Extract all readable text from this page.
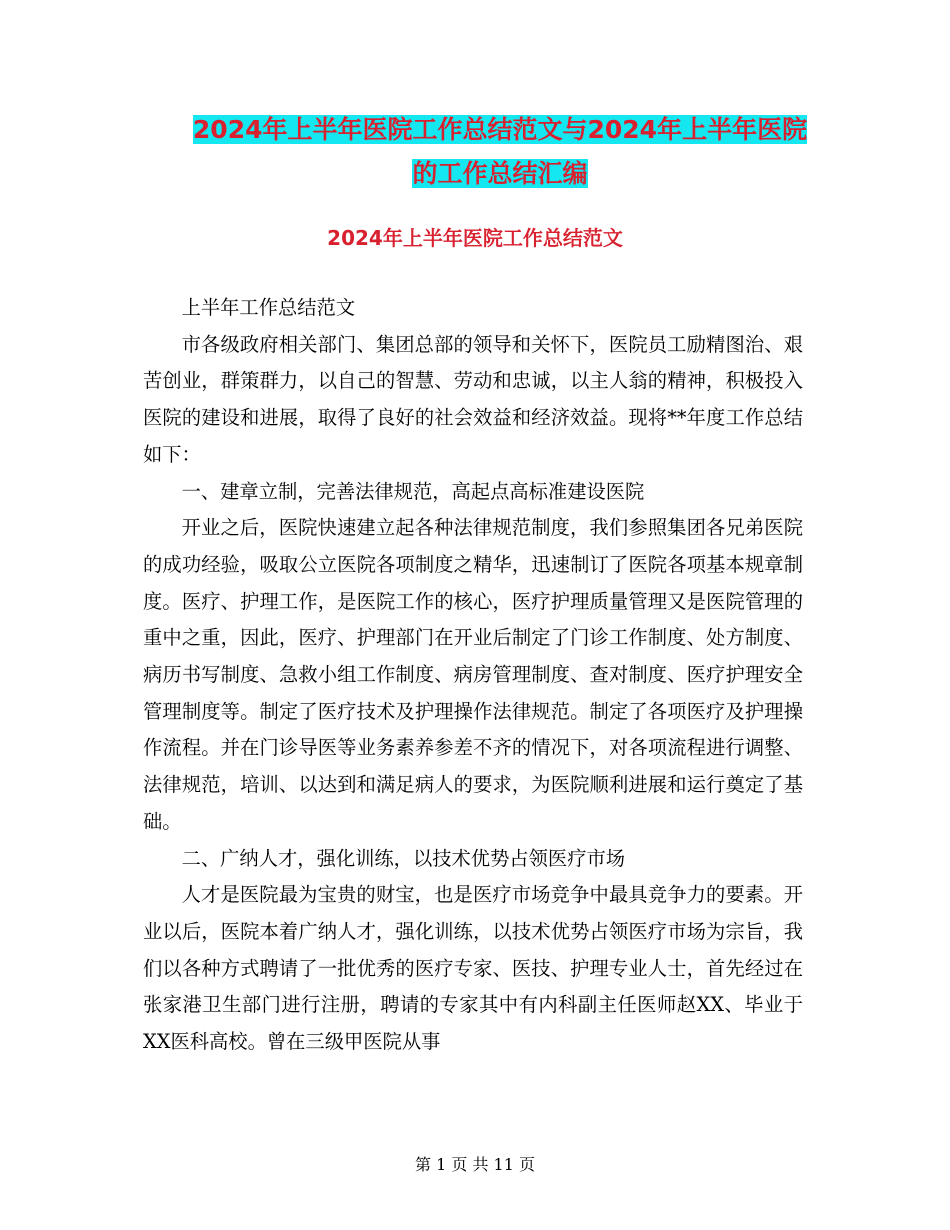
2024年上半年医院工作总结范文与2024年上半年医院
的工作总结汇编
2024年上半年医院工作总结范文

上半年工作总结范文

市各级政府相关部门、集团总部的领导和关怀下，医院员工励精图治、艰苦创业，群策群力，以自己的智慧、劳动和忠诚，以主人翁的精神，积极投入医院的建设和进展，取得了良好的社会效益和经济效益。现将**年度工作总结如下：

一、建章立制，完善法律规范，高起点高标准建设医院

开业之后，医院快速建立起各种法律规范制度，我们参照集团各兄弟医院的成功经验，吸取公立医院各项制度之精华，迅速制订了医院各项基本规章制度。医疗、护理工作，是医院工作的核心，医疗护理质量管理又是医院管理的重中之重，因此，医疗、护理部门在开业后制定了门诊工作制度、处方制度、病历书写制度、急救小组工作制度、病房管理制度、查对制度、医疗护理安全管理制度等。制定了医疗技术及护理操作法律规范。制定了各项医疗及护理操作流程。并在门诊导医等业务素养参差不齐的情况下，对各项流程进行调整、法律规范，培训、以达到和满足病人的要求，为医院顺利进展和运行奠定了基础。

二、广纳人才，强化训练，以技术优势占领医疗市场

人才是医院最为宝贵的财宝，也是医疗市场竞争中最具竞争力的要素。开业以后，医院本着广纳人才，强化训练，以技术优势占领医疗市场为宗旨，我们以各种方式聘请了一批优秀的医疗专家、医技、护理专业人士，首先经过在张家港卫生部门进行注册，聘请的专家其中有内科副主任医师赵XX、毕业于XX医科高校。曾在三级甲医院从事

第 1 页 共 11 页
